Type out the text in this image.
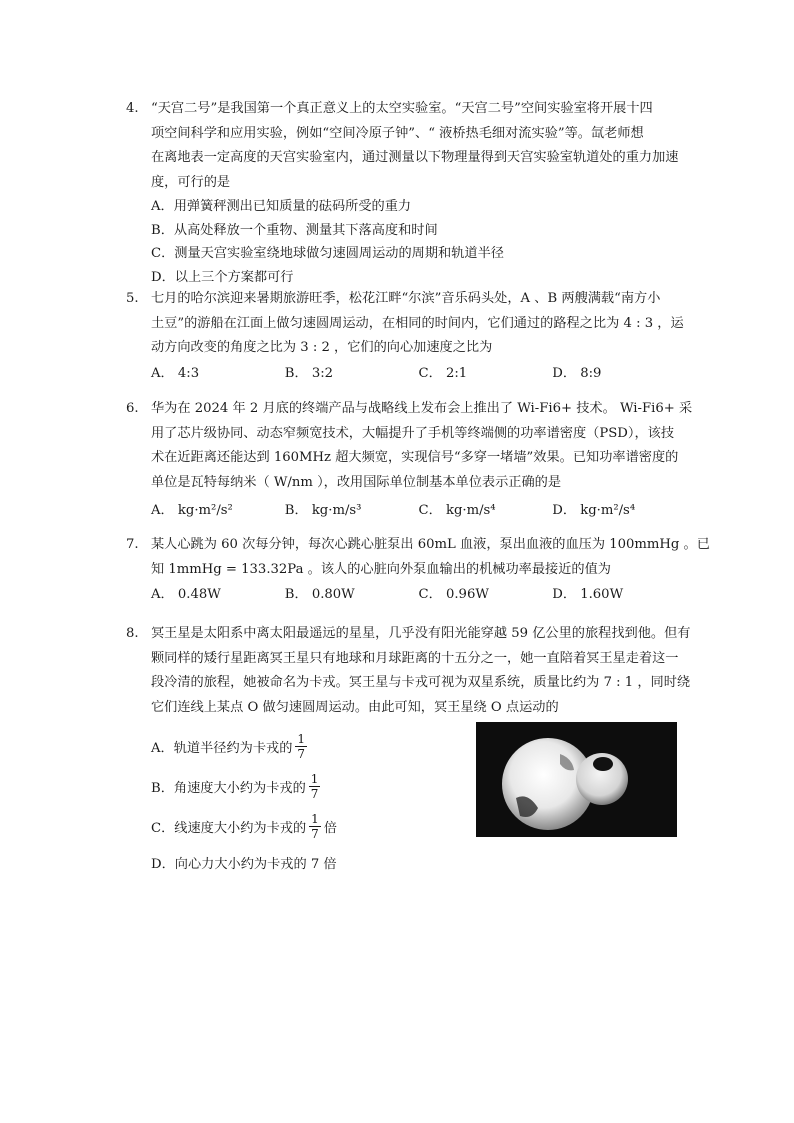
4. “天宫二号”是我国第一个真正意义上的太空实验室。“天宫二号”空间实验室将开展十四
项空间科学和应用实验，例如“空间冷原子钟”、“ 液桥热毛细对流实验”等。氙老师想
在离地表一定高度的天宫实验室内，通过测量以下物理量得到天宫实验室轨道处的重力加速
度，可行的是
A．用弹簧秤测出已知质量的砝码所受的重力
B．从高处释放一个重物、测量其下落高度和时间
C．测量天宫实验室绕地球做匀速圆周运动的周期和轨道半径
D．以上三个方案都可行
5. 七月的哈尔滨迎来暑期旅游旺季，松花江畔“尔滨”音乐码头处，A 、B 两艘满载“南方小
土豆”的游船在江面上做匀速圆周运动，在相同的时间内，它们通过的路程之比为 4 : 3 ，运
动方向改变的角度之比为 3 : 2 ，它们的向心加速度之比为
A． 4:3	B． 3:2	C． 2:1	D． 8:9
6. 华为在 2024 年 2 月底的终端产品与战略线上发布会上推出了 Wi-Fi6+ 技术。 Wi-Fi6+ 采
用了芯片级协同、动态窄频宽技术，大幅提升了手机等终端侧的功率谱密度（PSD），该技
术在近距离还能达到 160MHz 超大频宽，实现信号“多穿一堵墙”效果。已知功率谱密度的
单位是瓦特每纳米（ W/nm ），改用国际单位制基本单位表示正确的是
A． kg·m²/s²	B． kg·m/s³	C． kg·m/s⁴	D． kg·m²/s⁴
7. 某人心跳为 60 次每分钟，每次心跳心脏泵出 60mL 血液，泵出血液的血压为 100mmHg 。已
知 1mmHg = 133.32Pa 。该人的心脏向外泵血输出的机械功率最接近的值为
A． 0.48W	B． 0.80W	C． 0.96W	D． 1.60W
8. 冥王星是太阳系中离太阳最遥远的星星，几乎没有阳光能穿越 59 亿公里的旅程找到他。但有
颗同样的矮行星距离冥王星只有地球和月球距离的十五分之一，她一直陪着冥王星走着这一
段冷清的旅程，她被命名为卡戎。冥王星与卡戎可视为双星系统，质量比约为 7 : 1 ，同时绕
它们连线上某点 O 做匀速圆周运动。由此可知，冥王星绕 O 点运动的
A．轨道半径约为卡戎的 $\frac{1}{7}$
B．角速度大小约为卡戎的 $\frac{1}{7}$
C．线速度大小约为卡戎的 $\frac{1}{7}$ 倍
D．向心力大小约为卡戎的 7 倍
